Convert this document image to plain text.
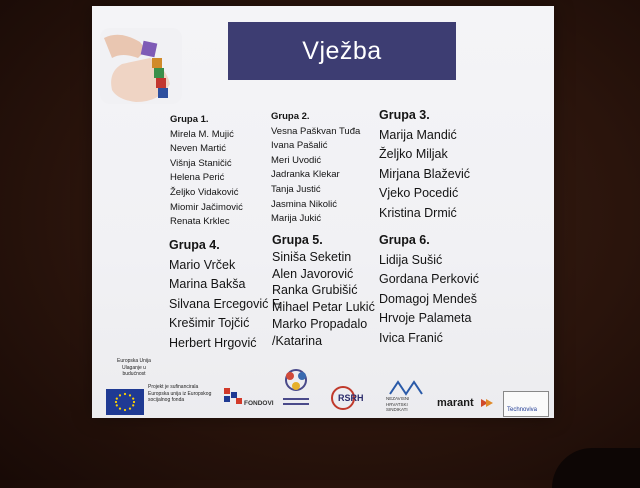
Vježba
Grupa 1.
Mirela M. Mujić
Neven Martić
Višnja Staničić
Helena Perić
Željko Vidaković
Miomir Jačimović
Renata Krklec
Grupa 2.
Vesna Paškvan Tuđa
Ivana Pašalić
Meri Uvodić
Jadranka Klekar
Tanja Justić
Jasmina Nikolić
Marija Jukić
Grupa 3.
Marija Mandić
Željko Miljak
Mirjana Blažević
Vjeko Pocedić
Kristina Drmić
Grupa 4.
Mario Vrček
Marina Bakša
Silvana Ercegović F.
Krešimir Tojčić
Herbert Hrgović
Grupa 5.
Siniša Seketin
Alen Javorović
Ranka Grubišić
Mihael Petar Lukić
Marko Propadalo
/Katarina
Grupa 6.
Lidija Sušić
Gordana Perković
Domagoj Mendeš
Hrvoje Palameta
Ivica Franić
Europska Unija Ulaganje u budućnost
Projekt je sufinancirala Europska unija iz Europskog socijalnog fonda	FONDOVI
RSRH	NEZAVISNI HRVATSKI SINDIKATI
marant
Technoviva
